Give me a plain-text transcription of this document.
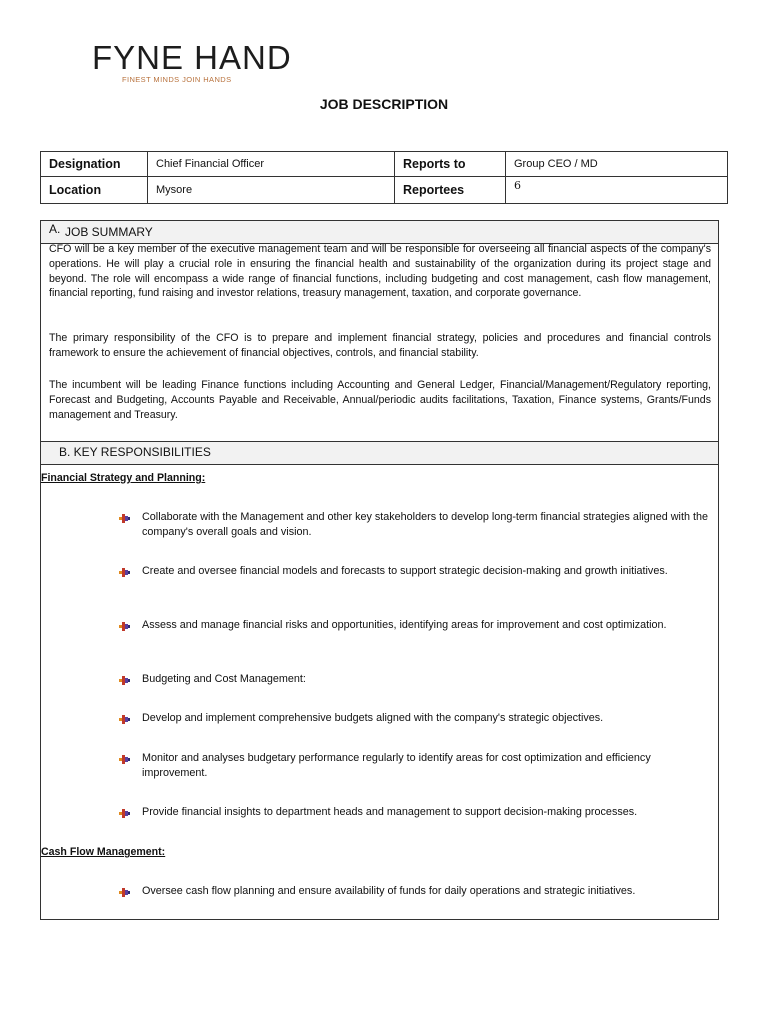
FYNE HAND
FINEST MINDS JOIN HANDS
JOB DESCRIPTION
Designation	Chief Financial Officer	Reports to	Group CEO / MD
Location	Mysore	Reportees	6
A. JOB SUMMARY
CFO will be a key member of the executive management team and will be responsible for overseeing all financial aspects of the company's operations. He will play a crucial role in ensuring the financial health and sustainability of the organization during its project stage and beyond. The role will encompass a wide range of financial functions, including budgeting and cost management, cash flow management, financial reporting, fund raising and investor relations, treasury management, taxation, and corporate governance.
The primary responsibility of the CFO is to prepare and implement financial strategy, policies and procedures and financial controls framework to ensure the achievement of financial objectives, controls, and financial stability.
The incumbent will be leading Finance functions including Accounting and General Ledger, Financial/Management/Regulatory reporting, Forecast and Budgeting, Accounts Payable and Receivable, Annual/periodic audits facilitations, Taxation, Finance systems, Grants/Funds management and Treasury.
B. KEY RESPONSIBILITIES
Financial Strategy and Planning:
Collaborate with the Management and other key stakeholders to develop long-term financial strategies aligned with the company's overall goals and vision.
Create and oversee financial models and forecasts to support strategic decision-making and growth initiatives.
Assess and manage financial risks and opportunities, identifying areas for improvement and cost optimization.
Budgeting and Cost Management:
Develop and implement comprehensive budgets aligned with the company's strategic objectives.
Monitor and analyses budgetary performance regularly to identify areas for cost optimization and efficiency improvement.
Provide financial insights to department heads and management to support decision-making processes.
Cash Flow Management:
Oversee cash flow planning and ensure availability of funds for daily operations and strategic initiatives.
